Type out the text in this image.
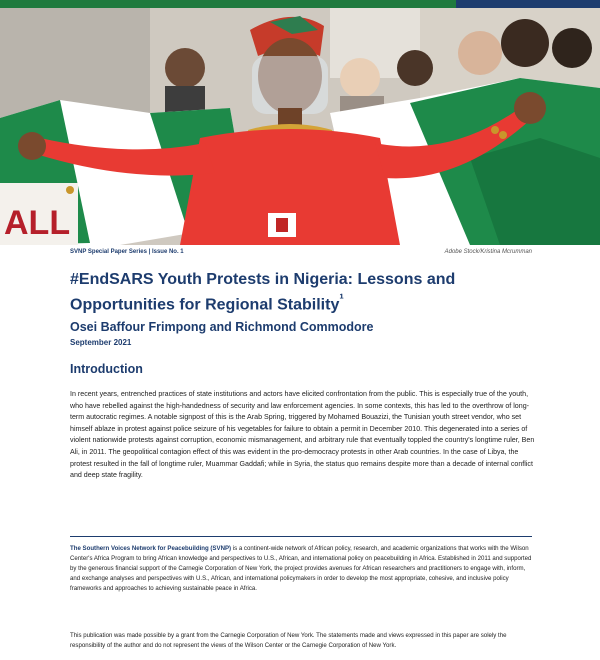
ALL
SVNP Special Paper Series | Issue No. 1	Adobe Stock/Kristina Mcrumman
#EndSARS Youth Protests in Nigeria: Lessons and Opportunities for Regional Stability$^{^1}$
Osei Baffour Frimpong and Richmond Commodore
September 2021
Introduction

In recent years, entrenched practices of state institutions and actors have elicited confrontation from the public. This is especially true of the youth, who have rebelled against the high-handedness of security and law enforcement agencies. In some contexts, this has led to the overthrow of long-term autocratic regimes. A notable signpost of this is the Arab Spring, triggered by Mohamed Bouazizi, the Tunisian youth street vendor, who set himself ablaze in protest against police seizure of his vegetables for failure to obtain a permit in December 2010. This degenerated into a series of violent nationwide protests against corruption, economic mismanagement, and arbitrary rule that eventually toppled the country's longtime ruler, Ben Ali, in 2011. The geopolitical contagion effect of this was evident in the pro-democracy protests in other Arab countries. In the case of Libya, the protest resulted in the fall of longtime ruler, Muammar Gaddafi; while in Syria, the status quo remains despite more than a decade of internal conflict and deep state fragility.

The Southern Voices Network for Peacebuilding (SVNP) is a continent-wide network of African policy, research, and academic organizations that works with the Wilson Center's Africa Program to bring African knowledge and perspectives to U.S., African, and international policy on peacebuilding in Africa. Established in 2011 and supported by the generous financial support of the Carnegie Corporation of New York, the project provides avenues for African researchers and practitioners to engage with, inform, and exchange analyses and perspectives with U.S., African, and international policymakers in order to develop the most appropriate, cohesive, and inclusive policy frameworks and approaches to achieving sustainable peace in Africa.

This publication was made possible by a grant from the Carnegie Corporation of New York. The statements made and views expressed in this paper are solely the responsibility of the author and do not represent the views of the Wilson Center or the Carnegie Corporation of New York.
